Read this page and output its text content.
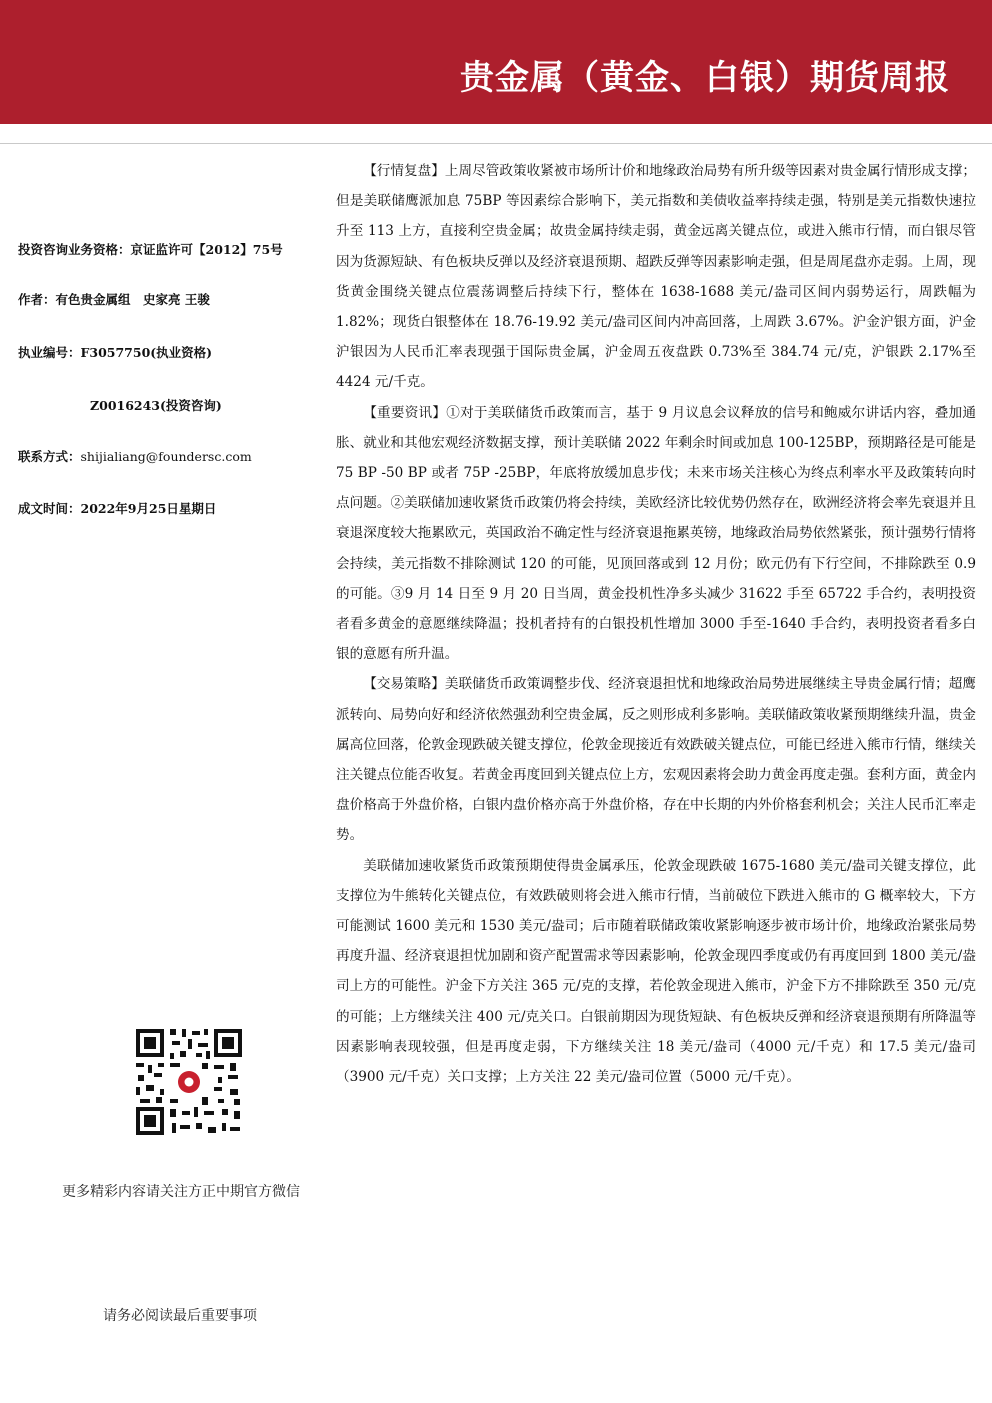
贵金属（黄金、白银）期货周报
投资咨询业务资格：京证监许可【2012】75号
作者：有色贵金属组　史家亮 王骏
执业编号：F3057750(执业资格)
Z0016243(投资咨询)
联系方式：shijialiang@foundersc.com
成文时间：2022年9月25日星期日
更多精彩内容请关注方正中期官方微信
请务必阅读最后重要事项

【行情复盘】上周尽管政策收紧被市场所计价和地缘政治局势有所升级等因素对贵金属行情形成支撑；但是美联储鹰派加息 75BP 等因素综合影响下，美元指数和美债收益率持续走强，特别是美元指数快速拉升至 113 上方，直接利空贵金属；故贵金属持续走弱，黄金远离关键点位，或进入熊市行情，而白银尽管因为货源短缺、有色板块反弹以及经济衰退预期、超跌反弹等因素影响走强，但是周尾盘亦走弱。上周，现货黄金围绕关键点位震荡调整后持续下行，整体在 1638-1688 美元/盎司区间内弱势运行，周跌幅为 1.82%；现货白银整体在 18.76-19.92 美元/盎司区间内冲高回落，上周跌 3.67%。沪金沪银方面，沪金沪银因为人民币汇率表现强于国际贵金属，沪金周五夜盘跌 0.73%至 384.74 元/克，沪银跌 2.17%至 4424 元/千克。

【重要资讯】①对于美联储货币政策而言，基于 9 月议息会议释放的信号和鲍威尔讲话内容，叠加通胀、就业和其他宏观经济数据支撑，预计美联储 2022 年剩余时间或加息 100-125BP，预期路径是可能是 75 BP -50 BP 或者 75P -25BP，年底将放缓加息步伐；未来市场关注核心为终点利率水平及政策转向时点问题。②美联储加速收紧货币政策仍将会持续，美欧经济比较优势仍然存在，欧洲经济将会率先衰退并且衰退深度较大拖累欧元，英国政治不确定性与经济衰退拖累英镑，地缘政治局势依然紧张，预计强势行情将会持续，美元指数不排除测试 120 的可能，见顶回落或到 12 月份；欧元仍有下行空间，不排除跌至 0.9 的可能。③9 月 14 日至 9 月 20 日当周，黄金投机性净多头减少 31622 手至 65722 手合约，表明投资者看多黄金的意愿继续降温；投机者持有的白银投机性增加 3000 手至-1640 手合约，表明投资者看多白银的意愿有所升温。

【交易策略】美联储货币政策调整步伐、经济衰退担忧和地缘政治局势进展继续主导贵金属行情；超鹰派转向、局势向好和经济依然强劲利空贵金属，反之则形成利多影响。美联储政策收紧预期继续升温，贵金属高位回落，伦敦金现跌破关键支撑位，伦敦金现接近有效跌破关键点位，可能已经进入熊市行情，继续关注关键点位能否收复。若黄金再度回到关键点位上方，宏观因素将会助力黄金再度走强。套利方面，黄金内盘价格高于外盘价格，白银内盘价格亦高于外盘价格，存在中长期的内外价格套利机会；关注人民币汇率走势。

美联储加速收紧货币政策预期使得贵金属承压，伦敦金现跌破 1675-1680 美元/盎司关键支撑位，此支撑位为牛熊转化关键点位，有效跌破则将会进入熊市行情，当前破位下跌进入熊市的 G 概率较大，下方可能测试 1600 美元和 1530 美元/盎司；后市随着联储政策收紧影响逐步被市场计价，地缘政治紧张局势再度升温、经济衰退担忧加剧和资产配置需求等因素影响，伦敦金现四季度或仍有再度回到 1800 美元/盎司上方的可能性。沪金下方关注 365 元/克的支撑，若伦敦金现进入熊市，沪金下方不排除跌至 350 元/克的可能；上方继续关注 400 元/克关口。白银前期因为现货短缺、有色板块反弹和经济衰退预期有所降温等因素影响表现较强，但是再度走弱，下方继续关注 18 美元/盎司（4000 元/千克）和 17.5 美元/盎司（3900 元/千克）关口支撑；上方关注 22 美元/盎司位置（5000 元/千克）。
